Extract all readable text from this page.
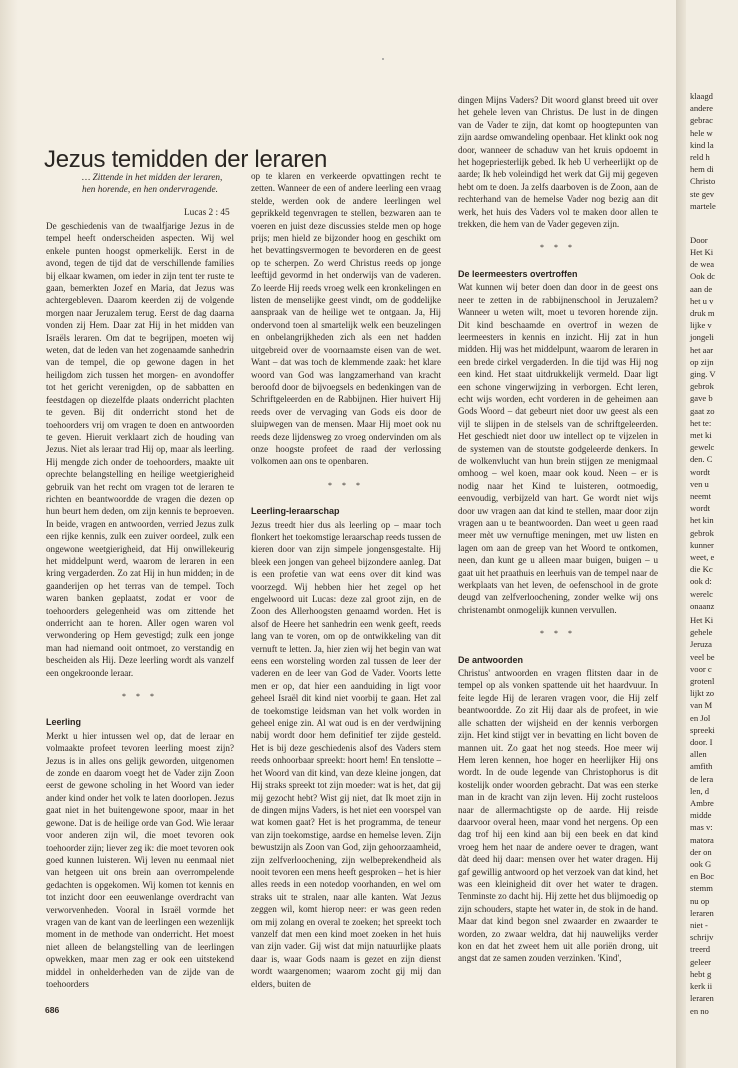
Jezus temidden der leraren
… Zittende in het midden der leraren, hen horende, en hen ondervragende.
Lucas 2 : 45

De geschiedenis van de twaalfjarige Jezus in de tempel heeft onderscheiden aspecten. Wij wel enkele punten hoogst opmerkelijk. Eerst in de avond, tegen de tijd dat de verschillende families bij elkaar kwamen, om ieder in zijn tent ter ruste te gaan, bemerkten Jozef en Maria, dat Jezus was achtergebleven. Daarom keerden zij de volgende morgen naar Jeruzalem terug. Eerst de dag daarna vonden zij Hem. Daar zat Hij in het midden van Israëls leraren. Om dat te begrijpen, moeten wij weten, dat de leden van het zogenaamde sanhedrin van de tempel, die op gewone dagen in het heiligdom zich tussen het morgen- en avondoffer tot het gericht verenigden, op de sabbatten en feestdagen op diezelfde plaats onderricht plachten te geven. Bij dit onderricht stond het de toehoorders vrij om vragen te doen en antwoorden te geven. Hieruit verklaart zich de houding van Jezus. Niet als leraar trad Hij op, maar als leerling. Hij mengde zich onder de toehoorders, maakte uit oprechte belangstelling en heilige weetgierigheid gebruik van het recht om vragen tot de leraren te richten en beantwoordde de vragen die dezen op hun beurt hem deden, om zijn kennis te beproeven. In beide, vragen en antwoorden, verried Jezus zulk een rijke kennis, zulk een zuiver oordeel, zulk een ongewone weetgierigheid, dat Hij onwillekeurig het middelpunt werd, waarom de leraren in een kring vergaderden. Zo zat Hij in hun midden; in de gaanderijen op het terras van de tempel. Toch waren banken geplaatst, zodat er voor de toehoorders gelegenheid was om zittende het onderricht aan te horen. Aller ogen waren vol verwondering op Hem gevestigd; zulk een jonge man had niemand ooit ontmoet, zo verstandig en bescheiden als Hij. Deze leerling wordt als vanzelf een ongekroonde leraar.

* * *
Leerling

Merkt u hier intussen wel op, dat de leraar en volmaakte profeet tevoren leerling moest zijn? Jezus is in alles ons gelijk geworden, uitgenomen de zonde en daarom voegt het de Vader zijn Zoon eerst de gewone scholing in het Woord van ieder ander kind onder het volk te laten doorlopen. Jezus gaat niet in het buitengewone spoor, maar in het gewone. Dat is de heilige orde van God. Wie leraar voor anderen zijn wil, die moet tevoren ook toehoorder zijn; liever zeg ik: die moet tevoren ook goed kunnen luisteren. Wij leven nu eenmaal niet van hetgeen uit ons brein aan overrompelende gedachten is opgekomen. Wij komen tot kennis en tot inzicht door een eeuwenlange overdracht van verworvenheden. Vooral in Israël vormde het vragen van de kant van de leerlingen een wezenlijk moment in de methode van onderricht. Het moest niet alleen de belangstelling van de leerlingen opwekken, maar men zag er ook een uitstekend middel in onhelderheden van de zijde van de toehoorders

op te klaren en verkeerde opvattingen recht te zetten. Wanneer de een of andere leerling een vraag stelde, werden ook de andere leerlingen wel geprikkeld tegenvragen te stellen, bezwaren aan te voeren en juist deze discussies stelde men op hoge prijs; men hield ze bijzonder hoog en geschikt om het bevattingsvermogen te bevorderen en de geest op te scherpen. Zo werd Christus reeds op jonge leeftijd gevormd in het onderwijs van de vaderen. Zo leerde Hij reeds vroeg welk een kronkelingen en listen de menselijke geest vindt, om de goddelijke aanspraak van de heilige wet te ontgaan. Ja, Hij ondervond toen al smartelijk welk een beuzelingen en onbelangrijkheden zich als een net hadden uitgebreid over de voornaamste eisen van de wet. Want – dat was toch de klemmende zaak: het klare woord van God was langzamerhand van kracht beroofd door de bijvoegsels en bedenkingen van de Schriftgeleerden en de Rabbijnen. Hier huivert Hij reeds over de vervaging van Gods eis door de sluipwegen van de mensen. Maar Hij moet ook nu reeds deze lijdensweg zo vroeg ondervinden om als onze hoogste profeet de raad der verlossing volkomen aan ons te openbaren.

* * *
Leerling-leraarschap

Jezus treedt hier dus als leerling op – maar toch flonkert het toekomstige leraarschap reeds tussen de kieren door van zijn simpele jongensgestalte. Hij bleek een jongen van geheel bijzondere aanleg. Dat is een profetie van wat eens over dit kind was voorzegd. Wij hebben hier het zegel op het engelwoord uit Lucas: deze zal groot zijn, en de Zoon des Allerhoogsten genaamd worden. Het is alsof de Heere het sanhedrin een wenk geeft, reeds lang van te voren, om op de ontwikkeling van dit vernuft te letten. Ja, hier zien wij het begin van wat eens een worsteling worden zal tussen de leer der vaderen en de leer van God de Vader. Voorts lette men er op, dat hier een aanduiding in ligt voor geheel Israël dit kind niet voorbij te gaan. Het zal de toekomstige leidsman van het volk worden in geheel enige zin. Al wat oud is en der verdwijning nabij wordt door hem definitief ter zijde gesteld. Het is bij deze geschiedenis alsof des Vaders stem reeds onhoorbaar spreekt: hoort hem! En tenslotte – het Woord van dit kind, van deze kleine jongen, dat Hij straks spreekt tot zijn moeder: wat is het, dat gij mij gezocht hebt? Wist gij niet, dat Ik moet zijn in de dingen mijns Vaders, is het niet een voorspel van wat komen gaat? Het is het programma, de teneur van zijn toekomstige, aardse en hemelse leven. Zijn bewustzijn als Zoon van God, zijn gehoorzaamheid, zijn zelfverloochening, zijn welbeprekendheid als nooit tevoren een mens heeft gesproken – het is hier alles reeds in een notedop voorhanden, en wel om straks uit te stralen, naar alle kanten. Wat Jezus zeggen wil, komt hierop neer: er was geen reden om mij zolang en overal te zoeken; het spreekt toch vanzelf dat men een kind moet zoeken in het huis van zijn vader. Gij wist dat mijn natuurlijke plaats daar is, waar Gods naam is gezet en zijn dienst wordt waargenomen; waarom zocht gij mij dan elders, buiten de

dingen Mijns Vaders? Dit woord glanst breed uit over het gehele leven van Christus. De lust in de dingen van de Vader te zijn, dat komt op hoogtepunten van zijn aardse omwandeling openbaar. Het klinkt ook nog door, wanneer de schaduw van het kruis opdoemt in het hogepriesterlijk gebed. Ik heb U verheerlijkt op de aarde; Ik heb voleindigd het werk dat Gij mij gegeven hebt om te doen. Ja zelfs daarboven is de Zoon, aan de rechterhand van de hemelse Vader nog bezig aan dit werk, het huis des Vaders vol te maken door allen te trekken, die hem van de Vader gegeven zijn.

* * *
De leermeesters overtroffen

Wat kunnen wij beter doen dan door in de geest ons neer te zetten in de rabbijnenschool in Jeruzalem? Wanneer u weten wilt, moet u tevoren horende zijn. Dit kind beschaamde en overtrof in wezen de leermeesters in kennis en inzicht. Hij zat in hun midden. Hij was het middelpunt, waarom de leraren in een brede cirkel vergaderden. In die tijd was Hij nog een kind. Het staat uitdrukkelijk vermeld. Daar ligt een schone vingerwijzing in verborgen. Echt leren, echt wijs worden, echt vorderen in de geheimen aan Gods Woord – dat gebeurt niet door uw geest als een vijl te slijpen in de stelsels van de schriftgeleerden. Het geschiedt niet door uw intellect op te vijzelen in de systemen van de stoutste godgeleerde denkers. In de wolkenvlucht van hun brein stijgen ze menigmaal omhoog – wel koen, maar ook koud. Neen – er is nodig naar het Kind te luisteren, ootmoedig, eenvoudig, verbijzeld van hart. Ge wordt niet wijs door uw vragen aan dat kind te stellen, maar door zijn vragen aan u te beantwoorden. Dan weet u geen raad meer mèt uw vernuftige meningen, met uw listen en lagen om aan de greep van het Woord te ontkomen, neen, dan kunt ge u alleen maar buigen, buigen – u gaat uit het praathuis en leerhuis van de tempel naar de werkplaats van het leven, de oefenschool in de grote deugd van zelfverloochening, zonder welke wij ons christenambt onmogelijk kunnen vervullen.

* * *
De antwoorden

Christus' antwoorden en vragen flitsten daar in de tempel op als vonken spattende uit het haardvuur. In feite legde Hij de leraren vragen voor, die Hij zelf beantwoordde. Zo zit Hij daar als de profeet, in wie alle schatten der wijsheid en der kennis verborgen zijn. Het kind stijgt ver in bevatting en licht boven de mannen uit. Zo gaat het nog steeds. Hoe meer wij Hem leren kennen, hoe hoger en heerlijker Hij ons wordt. In de oude legende van Christophorus is dit kostelijk onder woorden gebracht. Dat was een sterke man in de kracht van zijn leven. Hij zocht rusteloos naar de allermachtigste op de aarde. Hij reisde daarvoor overal heen, maar vond het nergens. Op een dag trof hij een kind aan bij een beek en dat kind vroeg hem het naar de andere oever te dragen, want dàt deed hij daar: mensen over het water dragen. Hij gaf gewillig antwoord op het verzoek van dat kind, het was een kleinigheid dit over het water te dragen. Tenminste zo dacht hij. Hij zette het dus blijmoedig op zijn schouders, stapte het water in, de stok in de hand. Maar dat kind begon snel zwaarder en zwaarder te worden, zo zwaar weldra, dat hij nauwelijks verder kon en dat het zweet hem uit alle poriën drong, uit angst dat ze samen zouden verzinken. 'Kind',

686
klaagd
andere
gebrac
hele w
kind la
reld h
hem di
Christo
ste gev
martele
Door
Het Ki
de wea
Ook dc
aan de
het u v
druk m
lijke v
jongeli
het aar
op zijn
ging. V
gebrok
gave b
gaat zo
het te:
met ki
gewelc
den. C
wordt
ven u
neemt
wordt
het kin
gebrok
kunner
weet, e
die Kc
ook d:
werelc
onaanz
Het Ki
gehele
Jeruza
veel be
voor c
grotenl
lijkt zo
van M
en Jol
spreeki
door. I
allen
amfith
de lera
len, d
Ambre
midde
mas v:
matora
der on
ook G
en Boc
stemm
nu op
leraren
niet -
schrijv
treerd
geleer
hebt g
kerk ii
leraren
en no
